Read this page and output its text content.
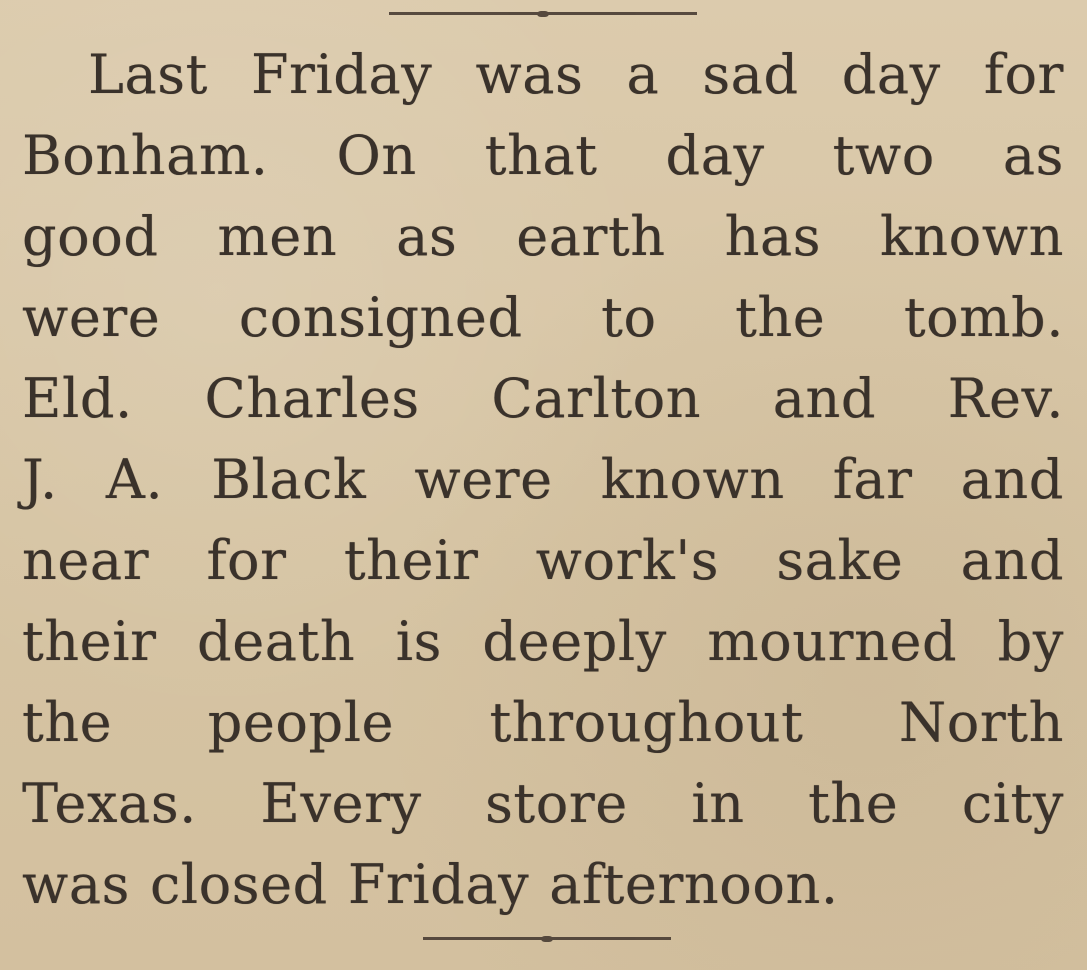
Last Friday was a sad day for
Bonham. On that day two as
good men as earth has known
were consigned to the tomb.
Eld. Charles Carlton and Rev.
J. A. Black were known far and
near for their work's sake and
their death is deeply mourned by
the people throughout North
Texas. Every store in the city
was closed Friday afternoon.
